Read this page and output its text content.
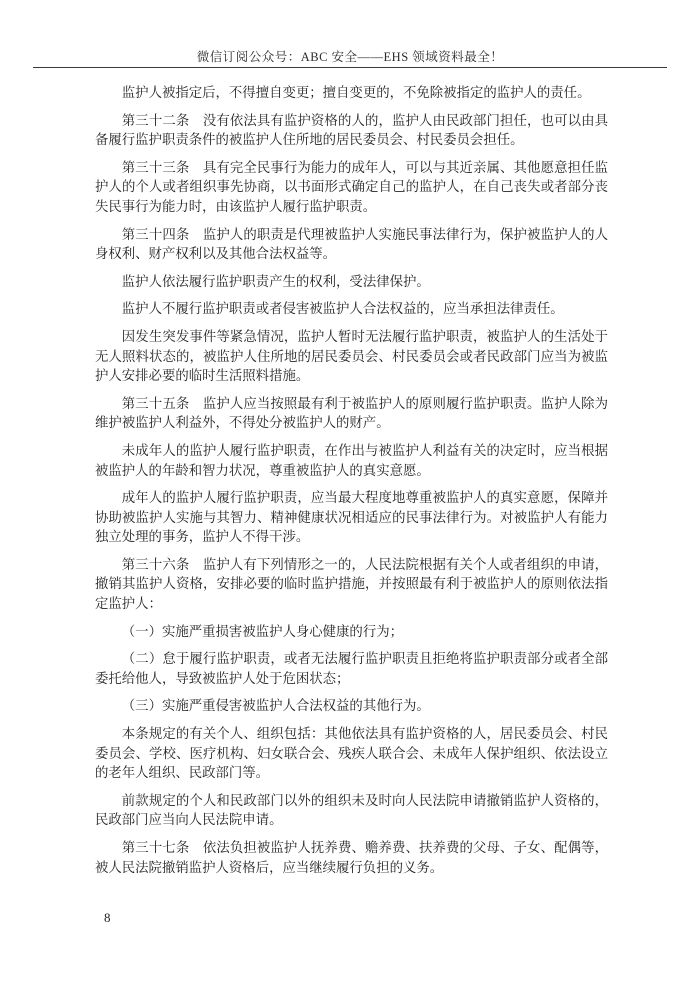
微信订阅公众号：ABC 安全——EHS 领域资料最全！

监护人被指定后，不得擅自变更；擅自变更的，不免除被指定的监护人的责任。

第三十二条　没有依法具有监护资格的人的，监护人由民政部门担任，也可以由具备履行监护职责条件的被监护人住所地的居民委员会、村民委员会担任。

第三十三条　具有完全民事行为能力的成年人，可以与其近亲属、其他愿意担任监护人的个人或者组织事先协商，以书面形式确定自己的监护人，在自己丧失或者部分丧失民事行为能力时，由该监护人履行监护职责。

第三十四条　监护人的职责是代理被监护人实施民事法律行为，保护被监护人的人身权利、财产权利以及其他合法权益等。

监护人依法履行监护职责产生的权利，受法律保护。

监护人不履行监护职责或者侵害被监护人合法权益的，应当承担法律责任。

因发生突发事件等紧急情况，监护人暂时无法履行监护职责，被监护人的生活处于无人照料状态的，被监护人住所地的居民委员会、村民委员会或者民政部门应当为被监护人安排必要的临时生活照料措施。

第三十五条　监护人应当按照最有利于被监护人的原则履行监护职责。监护人除为维护被监护人利益外，不得处分被监护人的财产。

未成年人的监护人履行监护职责，在作出与被监护人利益有关的决定时，应当根据被监护人的年龄和智力状况，尊重被监护人的真实意愿。

成年人的监护人履行监护职责，应当最大程度地尊重被监护人的真实意愿，保障并协助被监护人实施与其智力、精神健康状况相适应的民事法律行为。对被监护人有能力独立处理的事务，监护人不得干涉。

第三十六条　监护人有下列情形之一的，人民法院根据有关个人或者组织的申请，撤销其监护人资格，安排必要的临时监护措施，并按照最有利于被监护人的原则依法指定监护人：

（一）实施严重损害被监护人身心健康的行为；

（二）怠于履行监护职责，或者无法履行监护职责且拒绝将监护职责部分或者全部委托给他人，导致被监护人处于危困状态；

（三）实施严重侵害被监护人合法权益的其他行为。

本条规定的有关个人、组织包括：其他依法具有监护资格的人，居民委员会、村民委员会、学校、医疗机构、妇女联合会、残疾人联合会、未成年人保护组织、依法设立的老年人组织、民政部门等。

前款规定的个人和民政部门以外的组织未及时向人民法院申请撤销监护人资格的，民政部门应当向人民法院申请。

第三十七条　依法负担被监护人抚养费、赡养费、扶养费的父母、子女、配偶等，被人民法院撤销监护人资格后，应当继续履行负担的义务。

8
